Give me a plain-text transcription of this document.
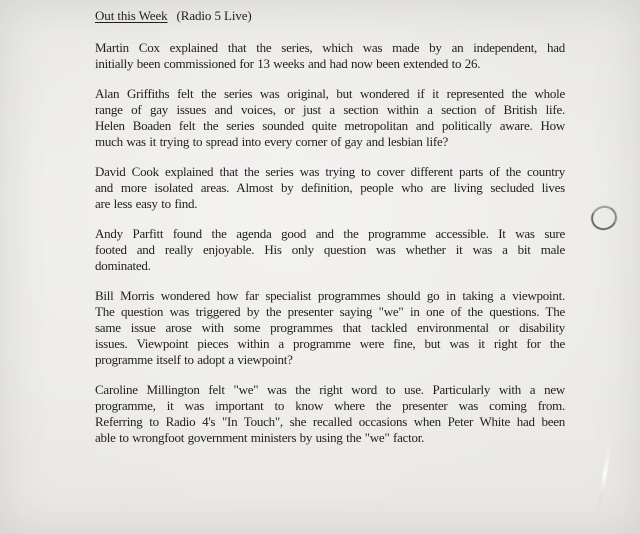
Out this Week (Radio 5 Live)
Martin Cox explained that the series, which was made by an independent, had
initially been commissioned for 13 weeks and had now been extended to 26.
Alan Griffiths felt the series was original, but wondered if it represented the whole
range of gay issues and voices, or just a section within a section of British life.
Helen Boaden felt the series sounded quite metropolitan and politically aware. How
much was it trying to spread into every corner of gay and lesbian life?
David Cook explained that the series was trying to cover different parts of the country
and more isolated areas. Almost by definition, people who are living secluded lives
are less easy to find.
Andy Parfitt found the agenda good and the programme accessible. It was sure
footed and really enjoyable. His only question was whether it was a bit male
dominated.
Bill Morris wondered how far specialist programmes should go in taking a viewpoint.
The question was triggered by the presenter saying "we" in one of the questions. The
same issue arose with some programmes that tackled environmental or disability
issues. Viewpoint pieces within a programme were fine, but was it right for the
programme itself to adopt a viewpoint?
Caroline Millington felt "we" was the right word to use. Particularly with a new
programme, it was important to know where the presenter was coming from.
Referring to Radio 4's "In Touch", she recalled occasions when Peter White had been
able to wrongfoot government ministers by using the "we" factor.
